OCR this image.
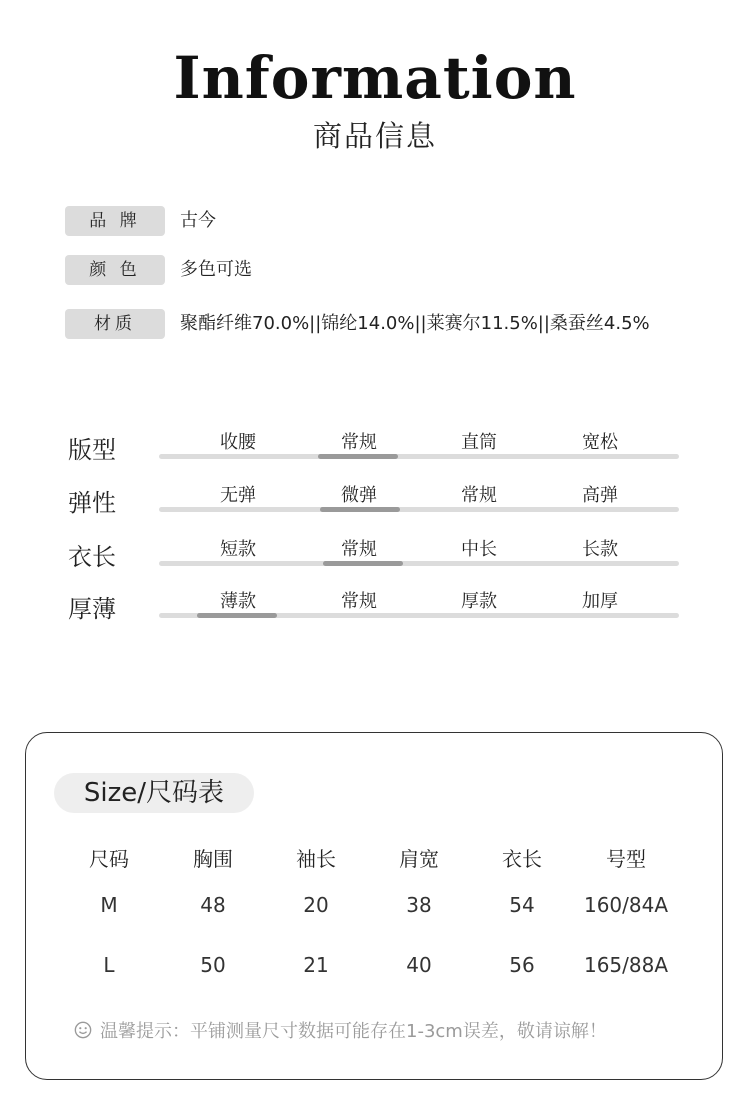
Information
商品信息
品 牌	古今
颜 色	多色可选
材质	聚酯纤维70.0%||锦纶14.0%||莱赛尔11.5%||桑蚕丝4.5%
版型	收腰	常规	直筒	宽松
弹性	无弹	微弹	常规	高弹
衣长	短款	常规	中长	长款
厚薄	薄款	常规	厚款	加厚
Size/尺码表
尺码	胸围	袖长	肩宽	衣长	号型
M	48	20	38	54	160/84A
L	50	21	40	56	165/88A
温馨提示：平铺测量尺寸数据可能存在1-3cm误差，敬请谅解！
